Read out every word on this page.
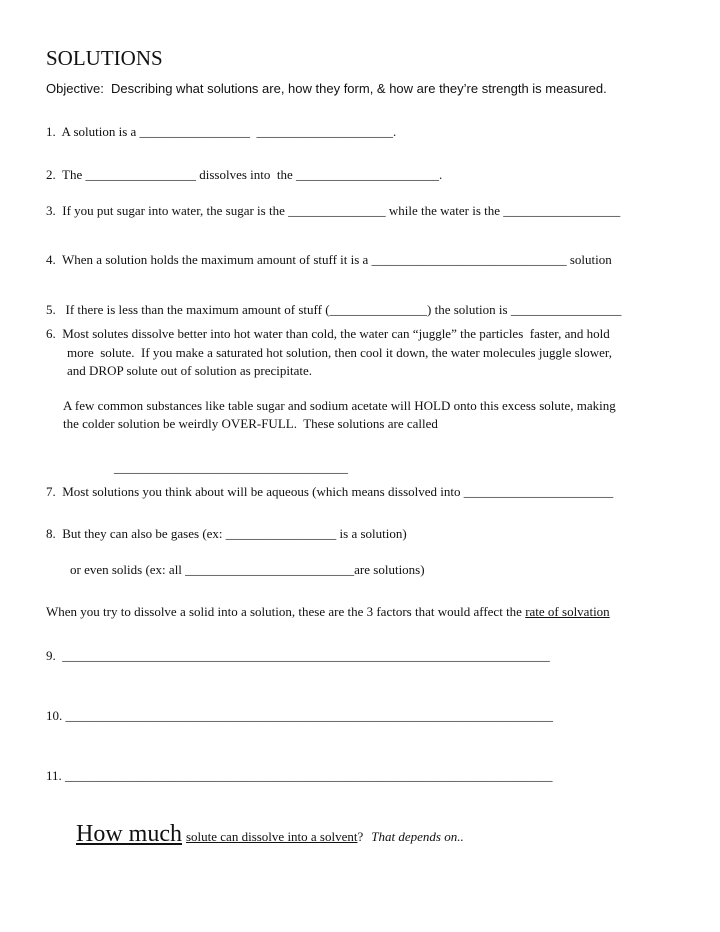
SOLUTIONS
Objective:  Describing what solutions are, how they form, & how are they’re strength is measured.
1.  A solution is a _________________  _____________________.
2.  The _________________ dissolves into  the ______________________.
3.  If you put sugar into water, the sugar is the _______________ while the water is the __________________
4.  When a solution holds the maximum amount of stuff it is a ______________________________ solution
5.   If there is less than the maximum amount of stuff (_______________) the solution is _________________
6.  Most solutes dissolve better into hot water than cold, the water can “juggle” the particles  faster, and hold
more  solute.  If you make a saturated hot solution, then cool it down, the water molecules juggle slower,
and DROP solute out of solution as precipitate.
A few common substances like table sugar and sodium acetate will HOLD onto this excess solute, making
the colder solution be weirdly OVER-FULL.  These solutions are called
____________________________________
7.  Most solutions you think about will be aqueous (which means dissolved into _______________________
8.  But they can also be gases (ex: _________________ is a solution)
or even solids (ex: all __________________________are solutions)
When you try to dissolve a solid into a solution, these are the 3 factors that would affect the rate of solvation
9.  ___________________________________________________________________________
10. ___________________________________________________________________________
11. ___________________________________________________________________________
How much solute can dissolve into a solvent? That depends on..
